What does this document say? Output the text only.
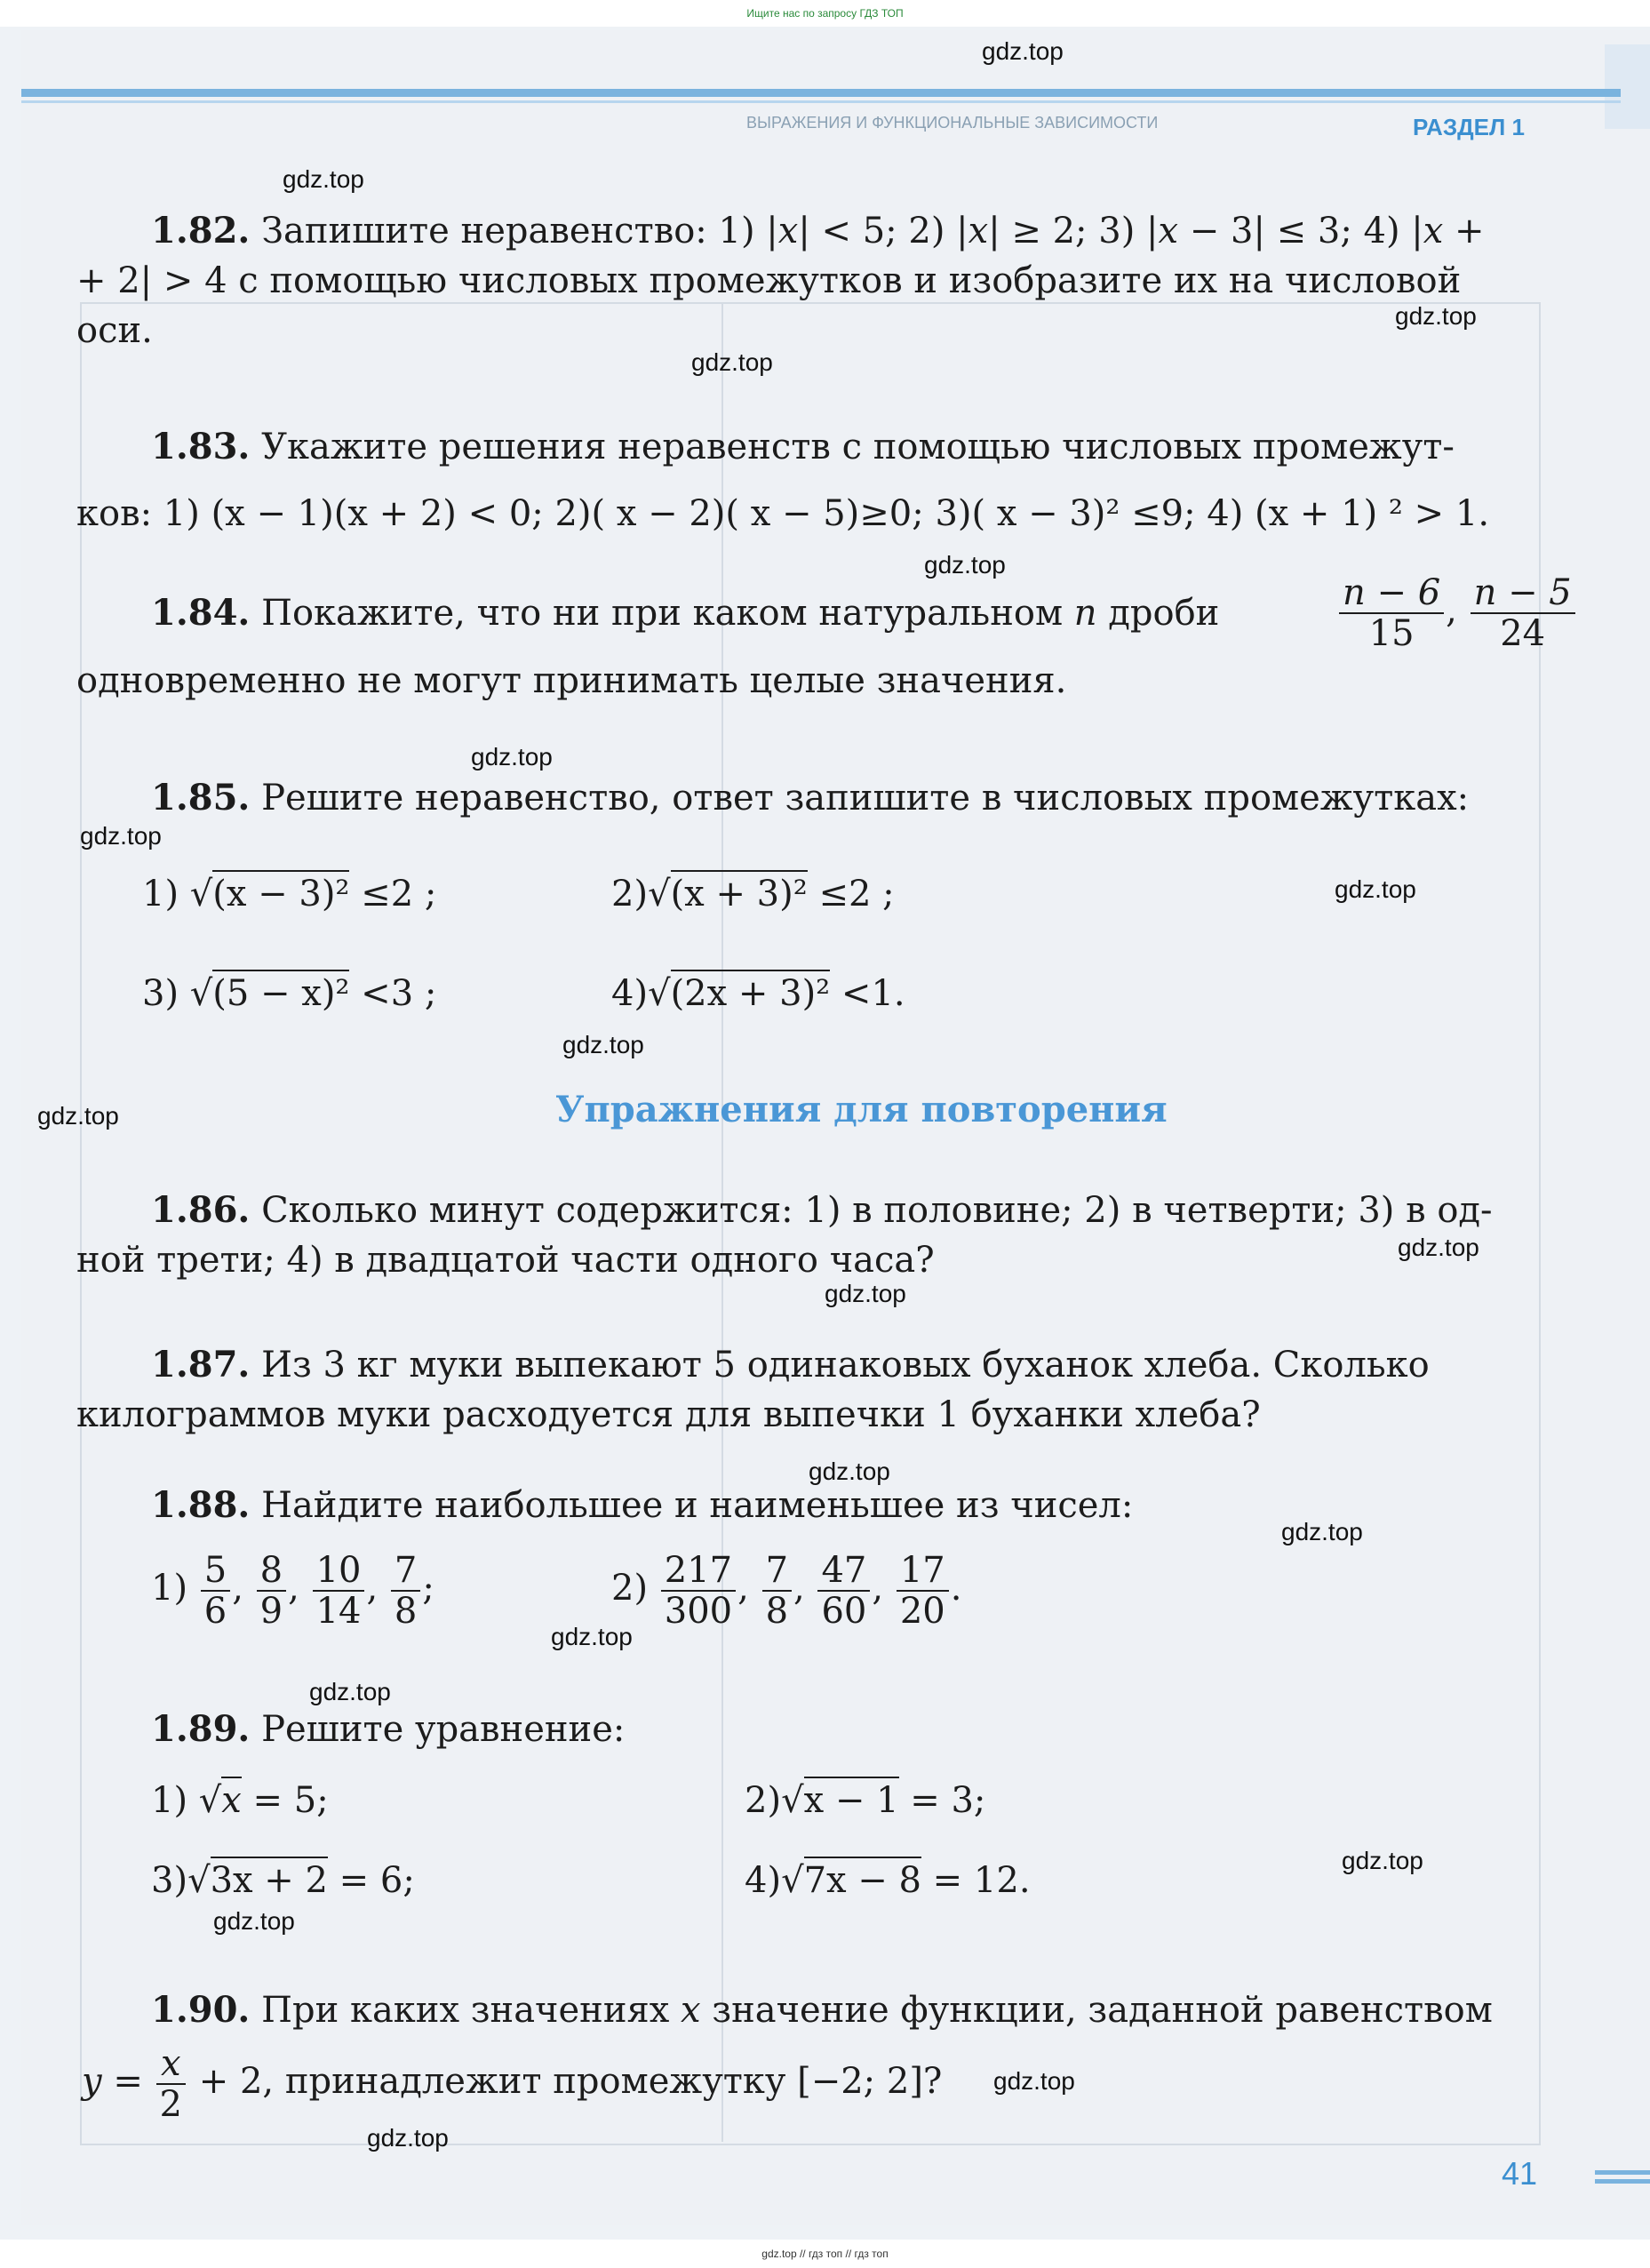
Ищите нас по запросу ГДЗ ТОП
ВЫРАЖЕНИЯ И ФУНКЦИОНАЛЬНЫЕ ЗАВИСИМОСТИ	РАЗДЕЛ 1
gdz.top
gdz.top
gdz.top
gdz.top
gdz.top
gdz.top
gdz.top
gdz.top
gdz.top
gdz.top
gdz.top
gdz.top
gdz.top
gdz.top
gdz.top
gdz.top
gdz.top
gdz.top
gdz.top
gdz.top
1.82. Запишите неравенство: 1) |x| < 5; 2) |x| ≥ 2; 3) |x − 3| ≤ 3; 4) |x +
+ 2| > 4 с помощью числовых промежутков и изобразите их на числовой
оси.
1.83. Укажите решения неравенств с помощью числовых промежут-
ков: 1) (x − 1)(x + 2) < 0; 2)( x − 2)( x − 5)≥0; 3)( x − 3)² ≤9; 4) (x + 1) ² > 1.
1.84. Покажите, что ни при каком натуральном n дроби	$\frac{n - 6}{15}$ , $\frac{n - 5}{24}$
одновременно не могут принимать целые значения.
1.85. Решите неравенство, ответ запишите в числовых промежутках:
1) √(x − 3)² ≤2 ;	2)√(x + 3)² ≤2 ;
3) √(5 − x)² <3 ;	4)√(2x + 3)² <1.
Упражнения для повторения
1.86. Сколько минут содержится: 1) в половине; 2) в четверти; 3) в од-
ной трети; 4) в двадцатой части одного часа?
1.87. Из 3 кг муки выпекают 5 одинаковых буханок хлеба. Сколько
килограммов муки расходуется для выпечки 1 буханки хлеба?
1.88. Найдите наибольшее и наименьшее из чисел:
$1) \frac{5}{6}$ , $\frac{8}{9}$ , $\frac{10}{14}$ , $\frac{7}{8}$ ;	$2) \frac{217}{300}$ , $\frac{7}{8}$ , $\frac{47}{60}$ , $\frac{17}{20}$ .
1.89. Решите уравнение:
1) √x = 5;	2)√x − 1 = 3;
3)√3x + 2 = 6;	4)√7x − 8 = 12.
1.90. При каких значениях x значение функции, заданной равенством
$y = \frac{x}{2} + 2$, принадлежит промежутку [−2; 2]?
41
gdz.top // гдз топ // гдз топ
